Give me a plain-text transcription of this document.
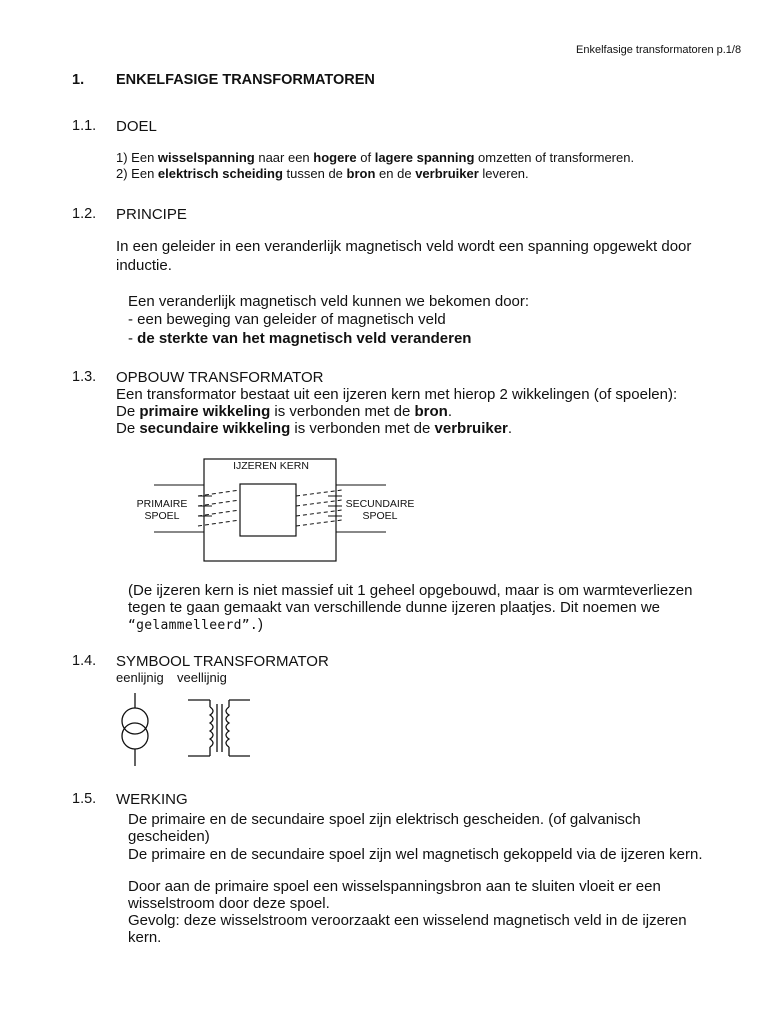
Enkelfasige transformatoren p.1/8
1. ENKELFASIGE TRANSFORMATOREN
1.1. DOEL
1) Een wisselspanning naar een hogere of lagere spanning omzetten of transformeren.
2) Een elektrisch scheiding tussen de bron en de verbruiker leveren.
1.2. PRINCIPE
In een geleider in een veranderlijk magnetisch veld wordt een spanning opgewekt door
inductie.
Een veranderlijk magnetisch veld kunnen we bekomen door:
- een beweging van geleider of magnetisch veld
- de sterkte van het magnetisch veld veranderen
1.3. OPBOUW TRANSFORMATOR
Een transformator bestaat uit een ijzeren kern met hierop 2 wikkelingen (of spoelen):
De primaire wikkeling is verbonden met de bron.
De secundaire wikkeling is verbonden met de verbruiker.
IJZEREN KERN
PRIMAIRE
SPOEL
SECUNDAIRE
SPOEL
(De ijzeren kern is niet massief uit 1 geheel opgebouwd, maar is om warmteverliezen
tegen te gaan gemaakt van verschillende dunne ijzeren plaatjes. Dit noemen we
“gelammelleerd”.)
1.4. SYMBOOL TRANSFORMATOR
eenlijnig veellijnig
1.5. WERKING
De primaire en de secundaire spoel zijn elektrisch gescheiden. (of galvanisch
gescheiden)
De primaire en de secundaire spoel zijn wel magnetisch gekoppeld via de ijzeren kern.
Door aan de primaire spoel een wisselspanningsbron aan te sluiten vloeit er een
wisselstroom door deze spoel.
Gevolg: deze wisselstroom veroorzaakt een wisselend magnetisch veld in de ijzeren
kern.
